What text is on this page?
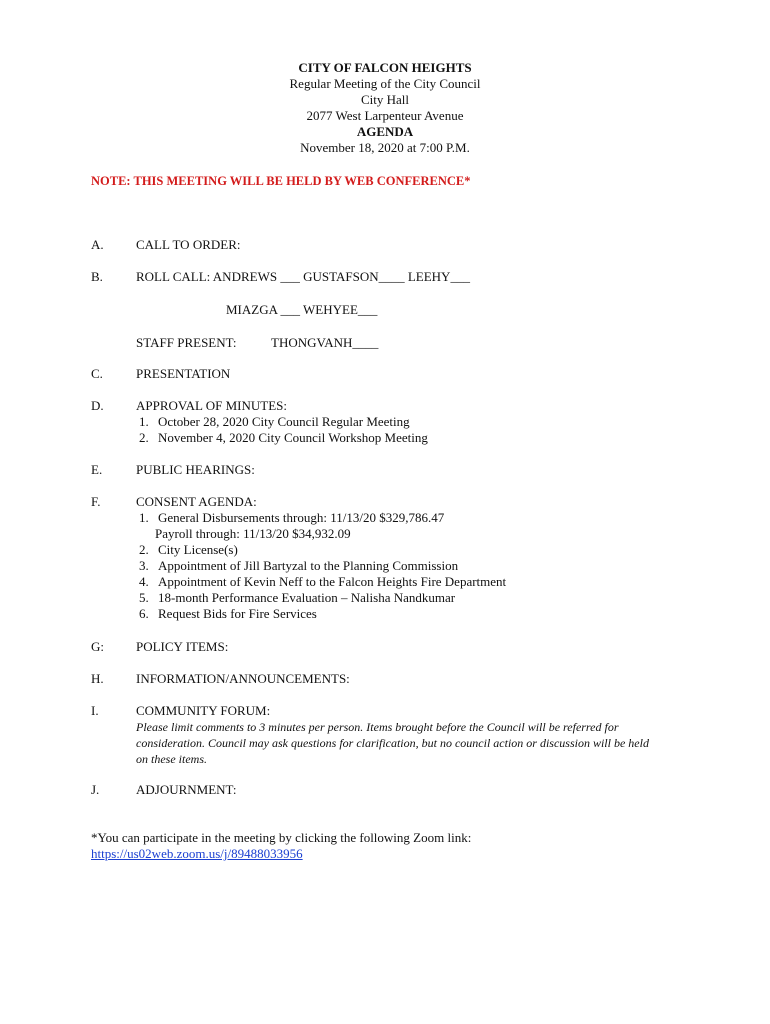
CITY OF FALCON HEIGHTS
Regular Meeting of the City Council
City Hall
2077 West Larpenteur Avenue
AGENDA
November 18, 2020 at 7:00 P.M.
NOTE: THIS MEETING WILL BE HELD BY WEB CONFERENCE*
A.	CALL TO ORDER:
B.	ROLL CALL: ANDREWS ___ GUSTAFSON____ LEEHY___
MIAZGA ___ WEHYEE___
STAFF PRESENT:	THONGVANH____
C.	PRESENTATION
D.	APPROVAL OF MINUTES:
1. October 28, 2020 City Council Regular Meeting
2. November 4, 2020 City Council Workshop Meeting
E.	PUBLIC HEARINGS:
F.	CONSENT AGENDA:
1. General Disbursements through: 11/13/20 $329,786.47
Payroll through: 11/13/20 $34,932.09
2. City License(s)
3. Appointment of Jill Bartyzal to the Planning Commission
4. Appointment of Kevin Neff to the Falcon Heights Fire Department
5. 18-month Performance Evaluation – Nalisha Nandkumar
6. Request Bids for Fire Services
G:	POLICY ITEMS:
H.	INFORMATION/ANNOUNCEMENTS:
I.	COMMUNITY FORUM:
Please limit comments to 3 minutes per person. Items brought before the Council will be referred for
consideration. Council may ask questions for clarification, but no council action or discussion will be held
on these items.
J.	ADJOURNMENT:
*You can participate in the meeting by clicking the following Zoom link:
https://us02web.zoom.us/j/89488033956
